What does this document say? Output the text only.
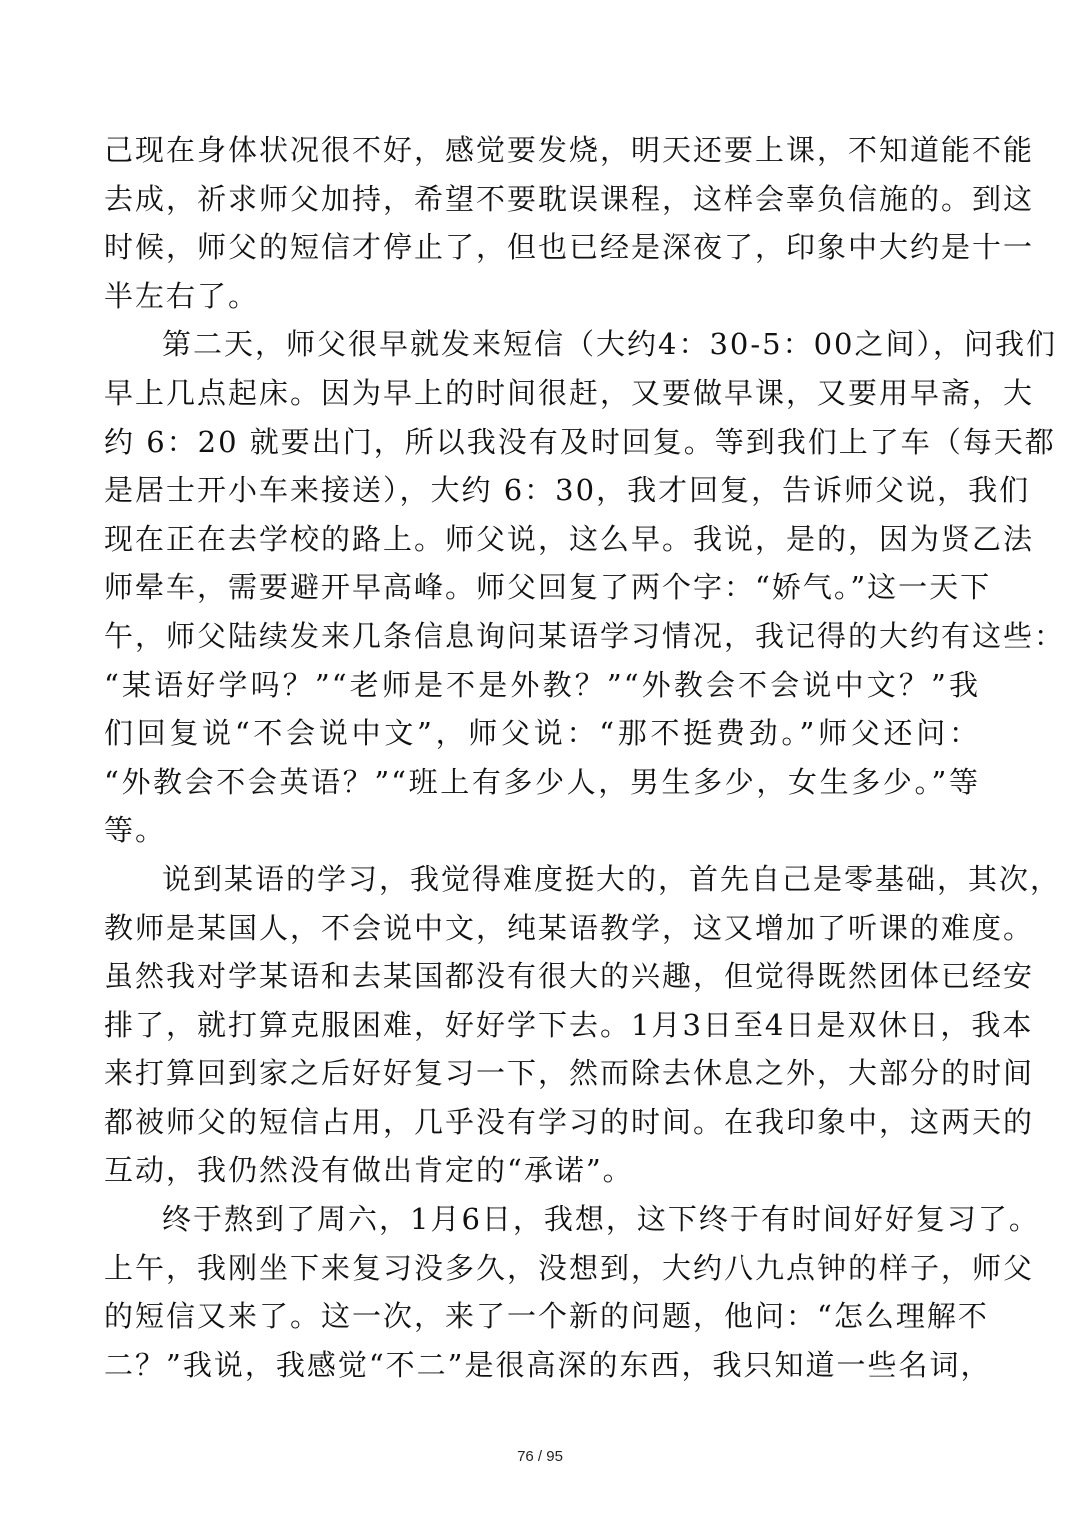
己现在身体状况很不好，感觉要发烧，明天还要上课，不知道能不能
去成，祈求师父加持，希望不要耽误课程，这样会辜负信施的。到这
时候，师父的短信才停止了，但也已经是深夜了，印象中大约是十一
半左右了。
第二天，师父很早就发来短信（大约4：30-5：00之间），问我们
早上几点起床。因为早上的时间很赶，又要做早课，又要用早斋，大
约 6：20 就要出门，所以我没有及时回复。等到我们上了车（每天都
是居士开小车来接送），大约 6：30，我才回复，告诉师父说，我们
现在正在去学校的路上。师父说，这么早。我说，是的，因为贤乙法
师晕车，需要避开早高峰。师父回复了两个字：“娇气。”这一天下
午，师父陆续发来几条信息询问某语学习情况，我记得的大约有这些：
“某语好学吗？”“老师是不是外教？”“外教会不会说中文？”我
们回复说“不会说中文”，师父说：“那不挺费劲。”师父还问：
“外教会不会英语？”“班上有多少人，男生多少，女生多少。”等
等。
说到某语的学习，我觉得难度挺大的，首先自己是零基础，其次，
教师是某国人，不会说中文，纯某语教学，这又增加了听课的难度。
虽然我对学某语和去某国都没有很大的兴趣，但觉得既然团体已经安
排了，就打算克服困难，好好学下去。1月3日至4日是双休日，我本
来打算回到家之后好好复习一下，然而除去休息之外，大部分的时间
都被师父的短信占用，几乎没有学习的时间。在我印象中，这两天的
互动，我仍然没有做出肯定的“承诺”。
终于熬到了周六，1月6日，我想，这下终于有时间好好复习了。
上午，我刚坐下来复习没多久，没想到，大约八九点钟的样子，师父
的短信又来了。这一次，来了一个新的问题，他问：“怎么理解不
二？”我说，我感觉“不二”是很高深的东西，我只知道一些名词，
76 / 95
